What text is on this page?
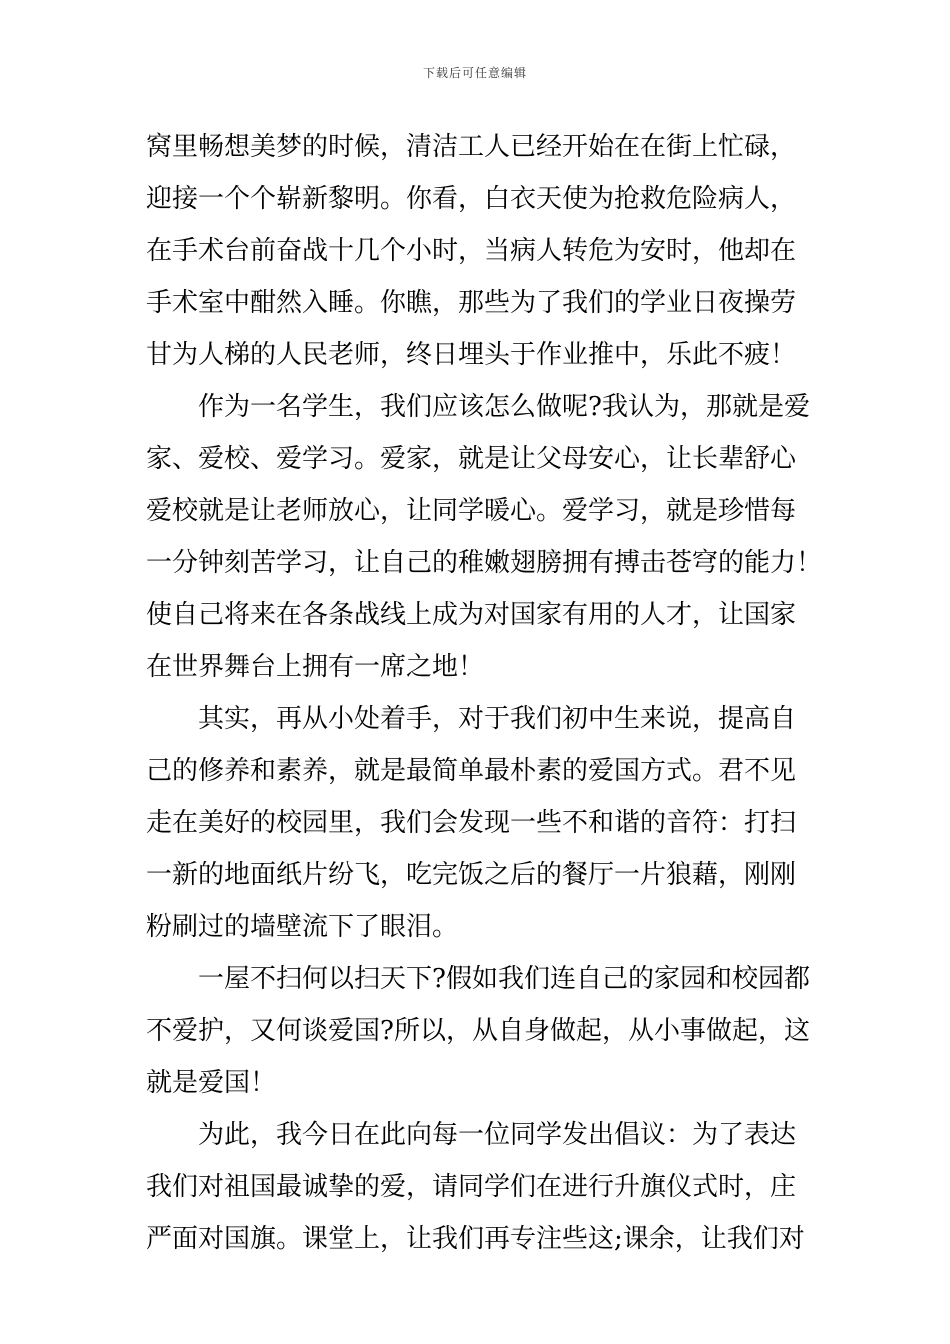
下载后可任意编辑
窝里畅想美梦的时候，清洁工人已经开始在在街上忙碌，
迎接一个个崭新黎明。你看，白衣天使为抢救危险病人，
在手术台前奋战十几个小时，当病人转危为安时，他却在
手术室中酣然入睡。你瞧，那些为了我们的学业日夜操劳
甘为人梯的人民老师，终日埋头于作业推中，乐此不疲！
作为一名学生，我们应该怎么做呢?我认为，那就是爱
家、爱校、爱学习。爱家，就是让父母安心，让长辈舒心
爱校就是让老师放心，让同学暖心。爱学习，就是珍惜每
一分钟刻苦学习，让自己的稚嫩翅膀拥有搏击苍穹的能力！
使自己将来在各条战线上成为对国家有用的人才，让国家
在世界舞台上拥有一席之地！
其实，再从小处着手，对于我们初中生来说，提高自
己的修养和素养，就是最简单最朴素的爱国方式。君不见
走在美好的校园里，我们会发现一些不和谐的音符：打扫
一新的地面纸片纷飞，吃完饭之后的餐厅一片狼藉，刚刚
粉刷过的墙壁流下了眼泪。
一屋不扫何以扫天下?假如我们连自己的家园和校园都
不爱护，又何谈爱国?所以，从自身做起，从小事做起，这
就是爱国！
为此，我今日在此向每一位同学发出倡议：为了表达
我们对祖国最诚挚的爱，请同学们在进行升旗仪式时，庄
严面对国旗。课堂上，让我们再专注些这;课余，让我们对
